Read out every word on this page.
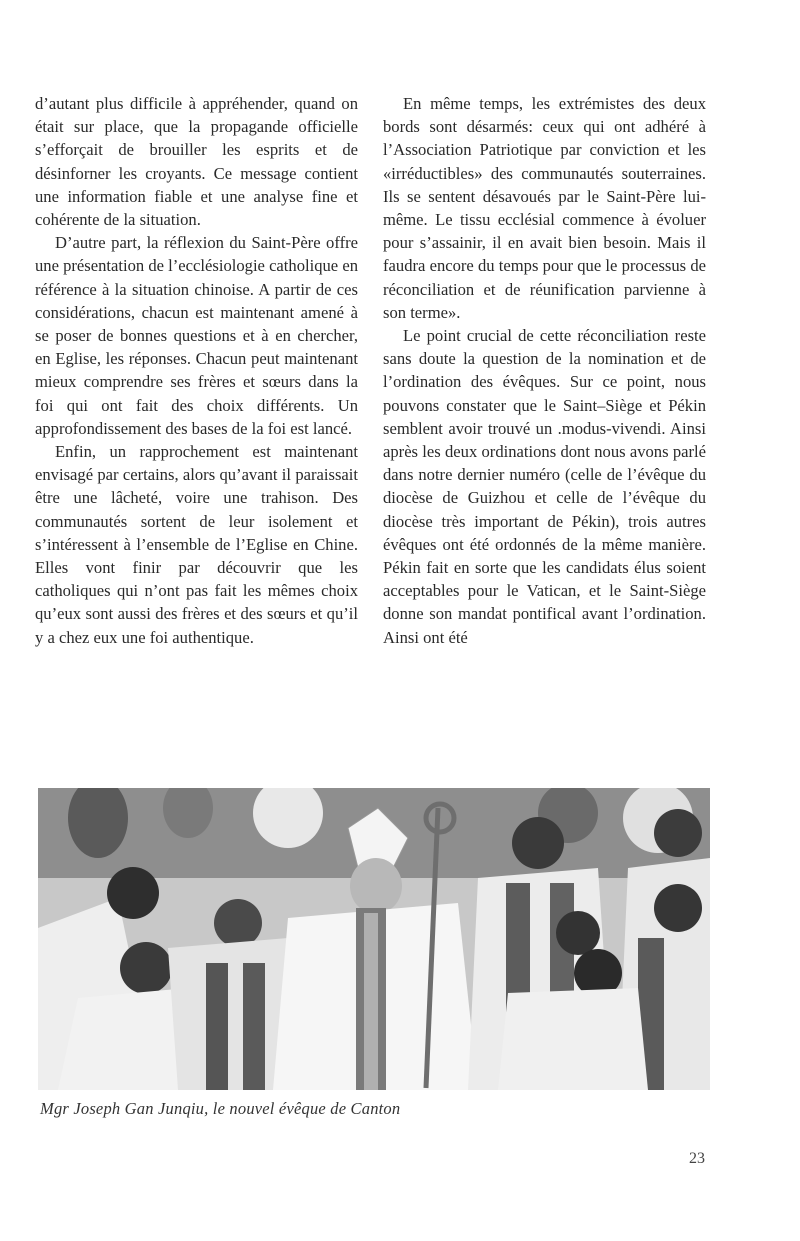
d’autant plus difficile à appréhender, quand on était sur place, que la propagande officielle s’efforçait de brouiller les esprits et de désinforner les croyants. Ce message contient une information fiable et une analyse fine et cohérente de la situation.

D’autre part, la réflexion du Saint-Père offre une présentation de l’ecclésiologie catholique en référence à la situation chinoise. A partir de ces considérations, chacun est maintenant amené à se poser de bonnes questions et à en chercher, en Eglise, les réponses. Chacun peut maintenant mieux comprendre ses frères et sœurs dans la foi qui ont fait des choix différents. Un approfondissement des bases de la foi est lancé.

Enfin, un rapprochement est maintenant envisagé par certains, alors qu’avant il paraissait être une lâcheté, voire une trahison. Des communautés sortent de leur isolement et s’intéressent à l’ensemble de l’Eglise en Chine. Elles vont finir par découvrir que les catholiques qui n’ont pas fait les mêmes choix qu’eux sont aussi des frères et des sœurs et qu’il y a chez eux une foi authentique.

En même temps, les extrémistes des deux bords sont désarmés: ceux qui ont adhéré à l’Association Patriotique par conviction et les «irréductibles» des communautés souterraines. Ils se sentent désavoués par le Saint-Père lui-même. Le tissu ecclésial commence à évoluer pour s’assainir, il en avait bien besoin. Mais il faudra encore du temps pour que le processus de réconciliation et de réunification parvienne à son terme».

Le point crucial de cette réconciliation reste sans doute la question de la nomination et de l’ordination des évêques. Sur ce point, nous pouvons constater que le Saint–Siège et Pékin semblent avoir trouvé un .modus-vivendi. Ainsi après les deux ordinations dont nous avons parlé dans notre dernier numéro (celle de l’évêque du diocèse de Guizhou et celle de l’évêque du diocèse très important de Pékin), trois autres évêques ont été ordonnés de la même manière. Pékin fait en sorte que les candidats élus soient acceptables pour le Vatican, et le Saint-Siège donne son mandat pontifical avant l’ordination. Ainsi ont été

Mgr Joseph Gan Junqiu, le nouvel évêque de Canton
23
